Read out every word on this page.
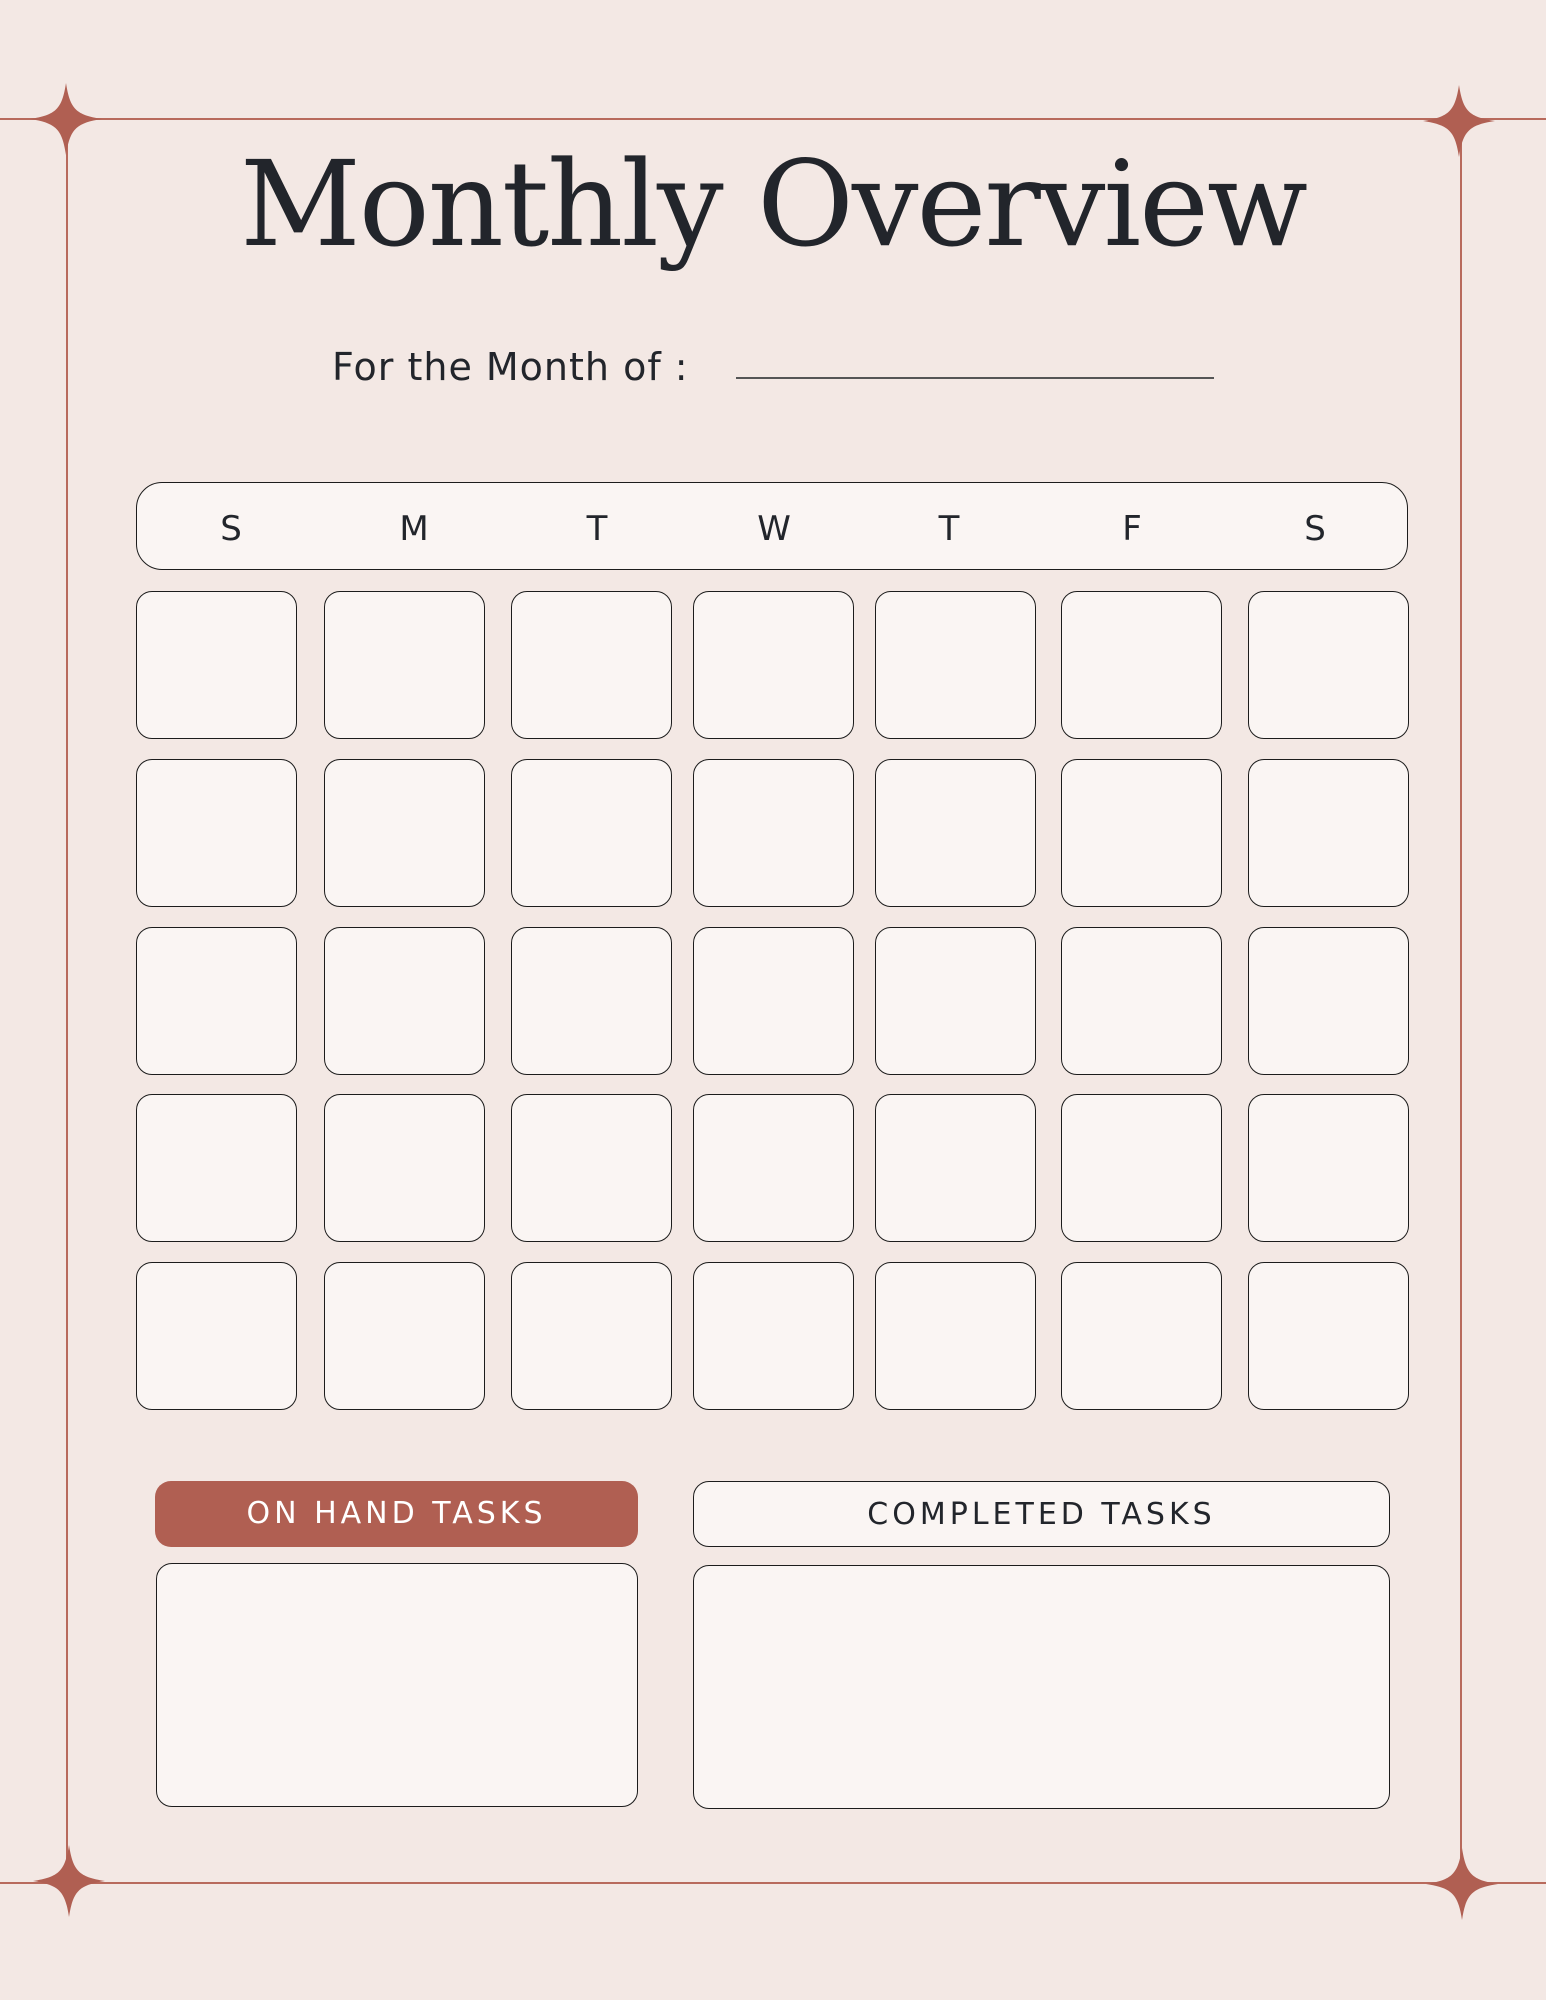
Monthly Overview
For the Month of :
S	M	T	W	T	F	S
ON HAND TASKS	COMPLETED TASKS
